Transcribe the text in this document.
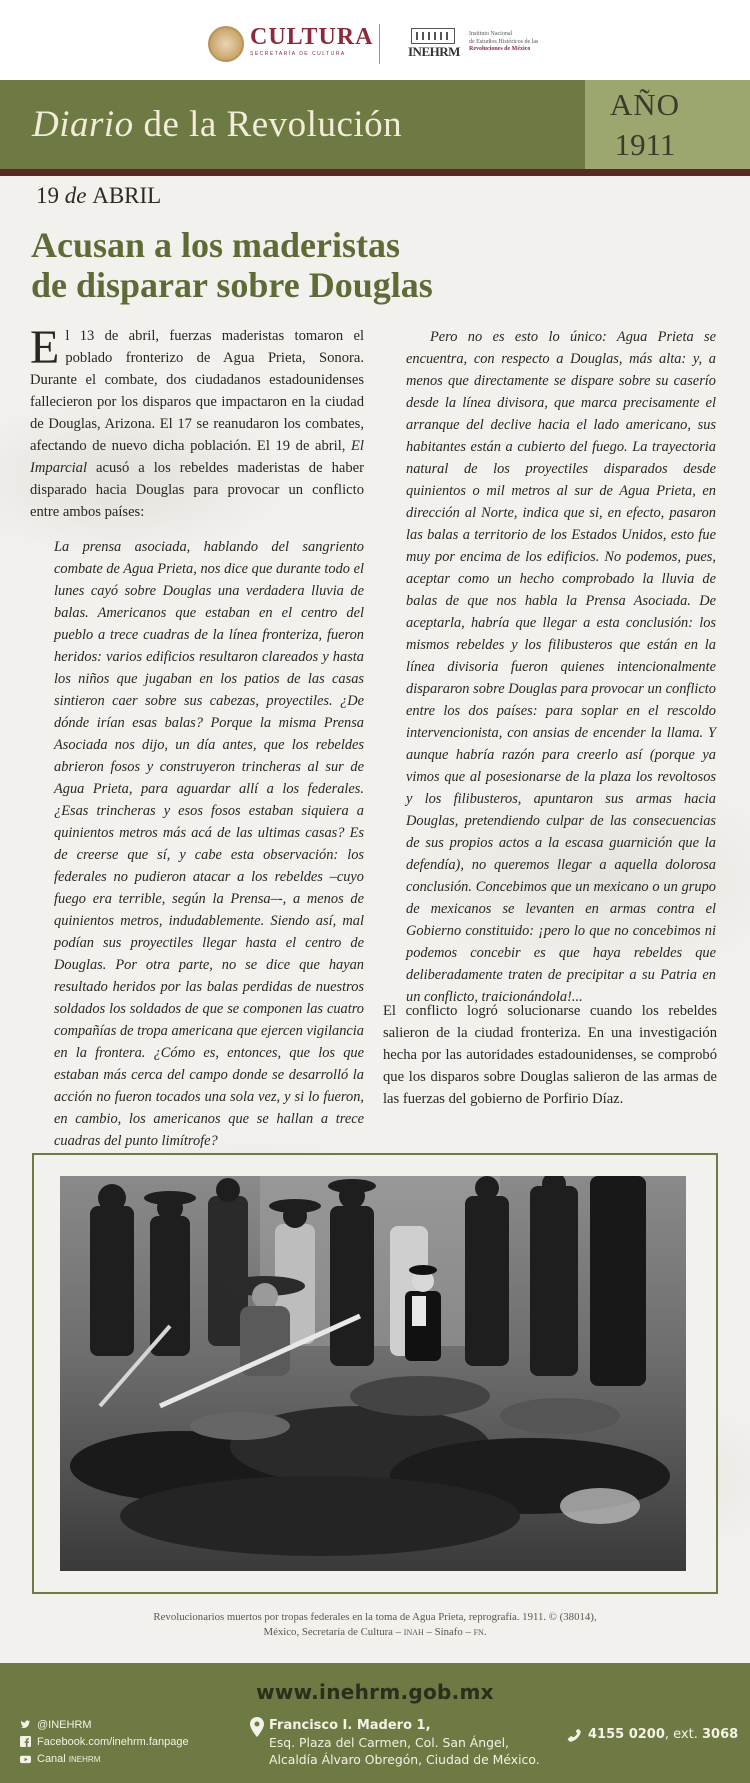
CULTURA
SECRETARÍA DE CULTURA	INEHRM
Instituto Nacional
de Estudios Históricos de las
Revoluciones de México
Diario de la Revolución	AÑO
1911
19 de ABRIL
Acusan a los maderistas
de disparar sobre Douglas
El 13 de abril, fuerzas maderistas tomaron el poblado fronterizo de Agua Prieta, Sonora. Durante el combate, dos ciudadanos estadounidenses fallecieron por los disparos que impactaron en la ciudad de Douglas, Arizona. El 17 se reanudaron los combates, afectando de nuevo dicha población. El 19 de abril, El Imparcial acusó a los rebeldes maderistas de haber disparado hacia Douglas para provocar un conflicto entre ambos países:
La prensa asociada, hablando del sangriento combate de Agua Prieta, nos dice que durante todo el lunes cayó sobre Douglas una verdadera lluvia de balas. Americanos que estaban en el centro del pueblo a trece cuadras de la línea fronteriza, fueron heridos: varios edificios resultaron clareados y hasta los niños que jugaban en los patios de las casas sintieron caer sobre sus cabezas, proyectiles. ¿De dónde irían esas balas? Porque la misma Prensa Asociada nos dijo, un día antes, que los rebeldes abrieron fosos y construyeron trincheras al sur de Agua Prieta, para aguardar allí a los federales. ¿Esas trincheras y esos fosos estaban siquiera a quinientos metros más acá de las ultimas casas? Es de creerse que sí, y cabe esta observación: los federales no pudieron atacar a los rebeldes –cuyo fuego era terrible, según la Prensa–-, a menos de quinientos metros, indudablemente. Siendo así, mal podían sus proyectiles llegar hasta el centro de Douglas. Por otra parte, no se dice que hayan resultado heridos por las balas perdidas de nuestros soldados los soldados de que se componen las cuatro compañías de tropa americana que ejercen vigilancia en la frontera. ¿Cómo es, entonces, que los que estaban más cerca del campo donde se desarrolló la acción no fueron tocados una sola vez, y si lo fueron, en cambio, los americanos que se hallan a trece cuadras del punto limítrofe?
Pero no es esto lo único: Agua Prieta se encuentra, con respecto a Douglas, más alta: y, a menos que directamente se dispare sobre su caserío desde la línea divisora, que marca precisamente el arranque del declive hacia el lado americano, sus habitantes están a cubierto del fuego. La trayectoria natural de los proyectiles disparados desde quinientos o mil metros al sur de Agua Prieta, en dirección al Norte, indica que si, en efecto, pasaron las balas a territorio de los Estados Unidos, esto fue muy por encima de los edificios. No podemos, pues, aceptar como un hecho comprobado la lluvia de balas de que nos habla la Prensa Asociada. De aceptarla, habría que llegar a esta conclusión: los mismos rebeldes y los filibusteros que están en la línea divisoria fueron quienes intencionalmente dispararon sobre Douglas para provocar un conflicto entre los dos países: para soplar en el rescoldo intervencionista, con ansias de encender la llama. Y aunque habría razón para creerlo así (porque ya vimos que al posesionarse de la plaza los revoltosos y los filibusteros, apuntaron sus armas hacia Douglas, pretendiendo culpar de las consecuencias de sus propios actos a la escasa guarnición que la defendía), no queremos llegar a aquella dolorosa conclusión. Concebimos que un mexicano o un grupo de mexicanos se levanten en armas contra el Gobierno constituido: ¡pero lo que no concebimos ni podemos concebir es que haya rebeldes que deliberadamente traten de precipitar a su Patria en un conflicto, traicionándola!...
El conflicto logró solucionarse cuando los rebeldes salieron de la ciudad fronteriza. En una investigación hecha por las autoridades estadounidenses, se comprobó que los disparos sobre Douglas salieron de las armas de las fuerzas del gobierno de Porfirio Díaz.
Revolucionarios muertos por tropas federales en la toma de Agua Prieta, reprografía. 1911. © (38014),
México, Secretaría de Cultura – inah – Sinafo – fn.
www.inehrm.gob.mx
@INEHRM
Facebook.com/inehrm.fanpage
Canal inehrm
Francisco I. Madero 1,
Esq. Plaza del Carmen, Col. San Ángel,
Alcaldía Álvaro Obregón, Ciudad de México.
4155 0200, ext. 3068
